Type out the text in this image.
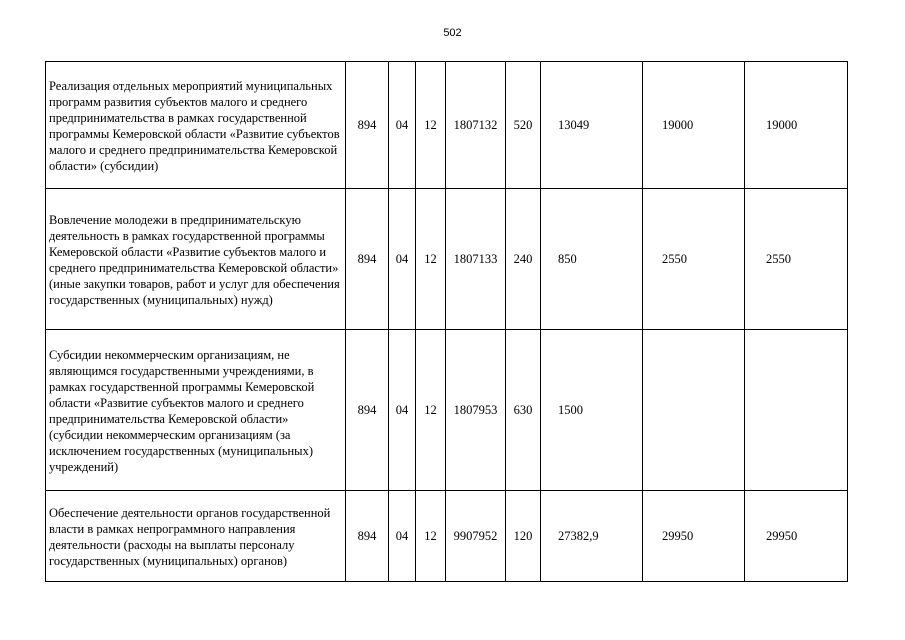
502
Реализация отдельных мероприятий муниципальных программ развития субъектов малого и среднего предпринимательства в рамках государственной программы Кемеровской области «Развитие субъектов малого и среднего предпринимательства Кемеровской области» (субсидии)	894	04	12	1807132	520	13049	19000	19000
Вовлечение молодежи в предпринимательскую деятельность в рамках государственной программы Кемеровской области «Развитие субъектов малого и среднего предпринимательства Кемеровской области» (иные закупки товаров, работ и услуг для обеспечения государственных (муниципальных) нужд)	894	04	12	1807133	240	850	2550	2550
Субсидии некоммерческим организациям, не являющимся государственными учреждениями, в рамках государственной программы Кемеровской области «Развитие субъектов малого и среднего предпринимательства Кемеровской области» (субсидии некоммерческим организациям (за исключением государственных (муниципальных) учреждений)	894	04	12	1807953	630	1500		
Обеспечение деятельности органов государственной власти в рамках непрограммного направления деятельности (расходы на выплаты персоналу государственных (муниципальных) органов)	894	04	12	9907952	120	27382,9	29950	29950
